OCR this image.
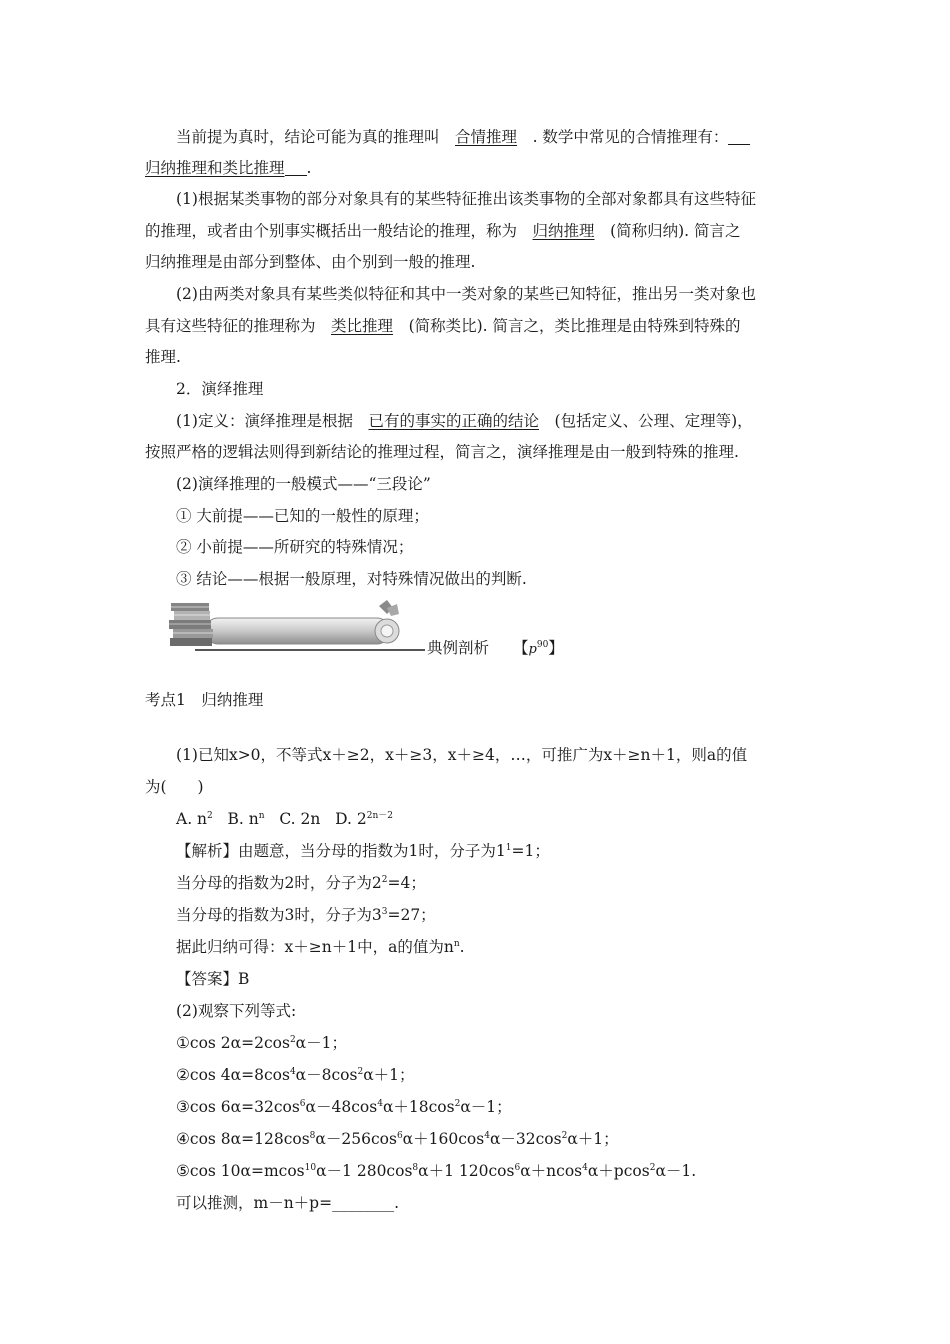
当前提为真时，结论可能为真的推理叫　 合情推理　 . 数学中常见的合情推理有：
归纳推理和类比推理 .
(1)根据某类事物的部分对象具有的某些特征推出该类事物的全部对象都具有这些特征
的推理，或者由个别事实概括出一般结论的推理，称为　 归纳推理　 (简称归纳). 简言之
归纳推理是由部分到整体、由个别到一般的推理.
(2)由两类对象具有某些类似特征和其中一类对象的某些已知特征，推出另一类对象也
具有这些特征的推理称为　 类比推理　 (简称类比). 简言之，类比推理是由特殊到特殊的
推理.
2．演绎推理
(1)定义：演绎推理是根据　 已有的事实的正确的结论　 (包括定义、公理、定理等)，
按照严格的逻辑法则得到新结论的推理过程，简言之，演绎推理是由一般到特殊的推理.
(2)演绎推理的一般模式——“三段论”
① 大前提——已知的一般性的原理；
② 小前提——所研究的特殊情况；
③ 结论——根据一般原理，对特殊情况做出的判断.
典例剖析 【$p^{90}$】
考点1　归纳推理
(1)已知x>0，不等式x＋≥2，x＋≥3，x＋≥4，…，可推广为x＋≥n＋1，则a的值
为(　　)
A. $n^2$ B. $n^n$ C. 2n D. $2^{2n-2}$
【解析】由题意，当分母的指数为1时，分子为$1^1=1$；
当分母的指数为2时，分子为$2^2=4$；
当分母的指数为3时，分子为$3^3=27$；
据此归纳可得：x＋≥n＋1中，a的值为$n^n$.
【答案】B
(2)观察下列等式:
①cos $2\alpha=2\cos^2\alpha-1$；
②cos $4\alpha=8\cos^4\alpha-8\cos^2\alpha+1$；
③cos $6\alpha=32\cos^6\alpha-48\cos^4\alpha+18\cos^2\alpha-1$；
④cos $8\alpha=128\cos^8\alpha-256\cos^6\alpha+160\cos^4\alpha-32\cos^2\alpha+1$；
⑤cos 10α=mcos$^{10}$α－1 $280\cos^8\alpha+1$ $120\cos^6\alpha+ncos^4\alpha+pcos^2\alpha-1$.
可以推测，m－n＋p=________.
